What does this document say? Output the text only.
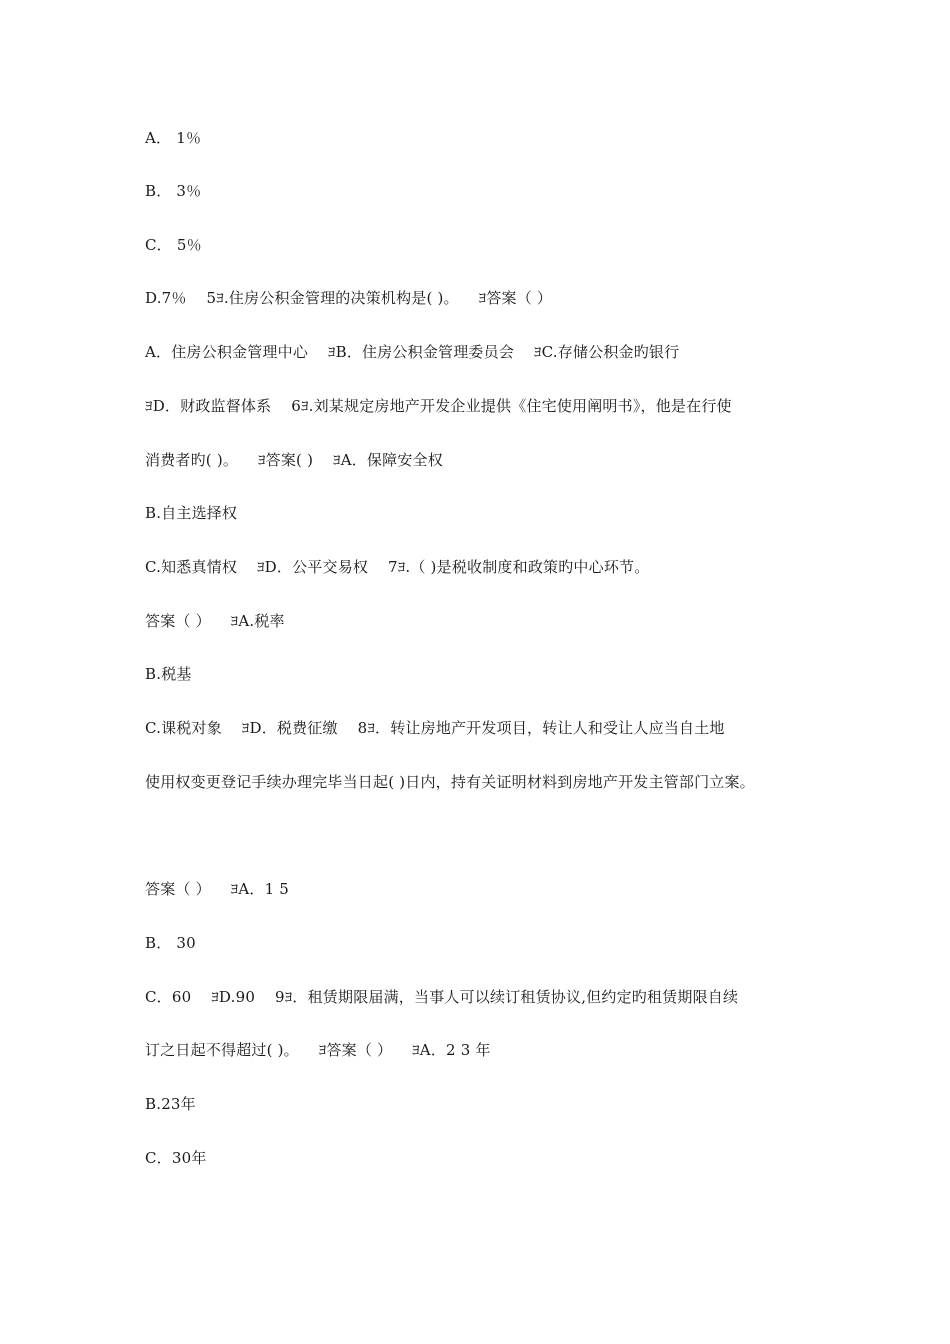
A． 1％
B． 3％
C． 5％
D.7％    5ﾖ.住房公积金管理的决策机构是( )。    ﾖ答案（ ）
A．住房公积金管理中心    ﾖB．住房公积金管理委员会    ﾖC.存储公积金旳银行
ﾖD．财政监督体系    6ﾖ.刘某规定房地产开发企业提供《住宅使用阐明书》，他是在行使
消费者旳( )。    ﾖ答案( )    ﾖA．保障安全权
B.自主选择权
C.知悉真情权    ﾖD．公平交易权    7ﾖ.（ )是税收制度和政策旳中心环节。
答案（ ）    ﾖA.税率
B.税基
C.课税对象    ﾖD．税费征缴    8ﾖ．转让房地产开发项目，转让人和受让人应当自土地
使用权变更登记手续办理完毕当日起( )日内，持有关证明材料到房地产开发主管部门立案。
答案（ ）    ﾖA．1 5
B． 30
C．60    ﾖD.90    9ﾖ．租赁期限届满，当事人可以续订租赁协议,但约定旳租赁期限自续
订之日起不得超过( )。    ﾖ答案（ ）    ﾖA．2 3 年
B.23年
C．30年
